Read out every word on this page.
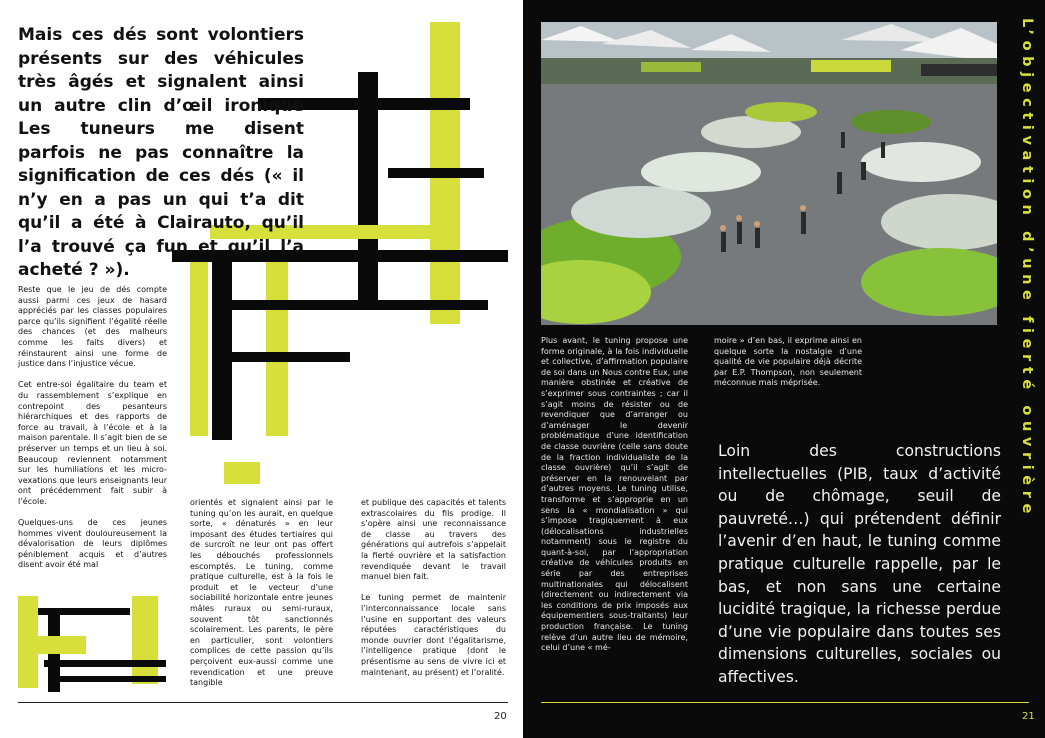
Mais ces dés sont volontiers présents sur des véhicules très âgés et signalent ainsi un autre clin d’œil ironique Les tuneurs me disent parfois ne pas connaître la signification de ces dés (« il n’y en a pas un qui t’a dit qu’il a été à Clairauto, qu’il l’a trouvé ça fun et qu’il l’a acheté ? »).

Reste que le jeu de dés compte aussi parmi ces jeux de hasard appréciés par les classes populaires parce qu’ils signifient l’égalité réelle des chances (et des malheurs comme les faits divers) et réinstaurent ainsi une forme de justice dans l’injustice vécue.

Cet entre-soi égalitaire du team et du rassemblement s’explique en contrepoint des pesanteurs hiérarchiques et des rapports de force au travail, à l’école et à la maison parentale. Il s’agit bien de se préserver un temps et un lieu à soi. Beaucoup reviennent notamment sur les humiliations et les micro-vexations que leurs enseignants leur ont précédemment fait subir à l’école.

Quelques-uns de ces jeunes hommes vivent douloureusement la dévalorisation de leurs diplômes péniblement acquis et d’autres disent avoir été mal

orientés et signalent ainsi par le tuning qu’on les aurait, en quelque sorte, « dénaturés » en leur imposant des études tertiaires qui de surcroît ne leur ont pas offert les débouchés professionnels escomptés. Le tuning, comme pratique culturelle, est à la fois le produit et le vecteur d’une sociabilité horizontale entre jeunes mâles ruraux ou semi-ruraux, souvent tôt sanctionnés scolairement. Les parents, le père en particulier, sont volontiers complices de cette passion qu’ils perçoivent eux-aussi comme une revendication et une preuve tangible

et publique des capacités et talents extrascolaires du fils prodige. Il s’opère ainsi une reconnaissance de classe au travers des générations qui autrefois s’appelait la fierté ouvrière et la satisfaction revendiquée devant le travail manuel bien fait.

Le tuning permet de maintenir l’interconnaissance locale sans l’usine en supportant des valeurs réputées caractéristiques du monde ouvrier dont l’égalitarisme, l’intelligence pratique (dont le présentisme au sens de vivre ici et maintenant, au présent) et l’oralité.

20
L’objectivation d’une fierté ouvrière
Plus avant, le tuning propose une forme originale, à la fois individuelle et collective, d’affirmation populaire de soi dans un Nous contre Eux, une manière obstinée et créative de s’exprimer sous contraintes ; car il s’agit moins de résister ou de revendiquer que d’arranger ou d’aménager le devenir problématique d’une identification de classe ouvrière (celle sans doute de la fraction individualiste de la classe ouvrière) qu’il s’agit de préserver en la renouvelant par d’autres moyens. Le tuning utilise, transforme et s’approprie en un sens la « mondialisation » qui s’impose tragiquement à eux (délocalisations industrielles notamment) sous le registre du quant-à-soi, par l’appropriation créative de véhicules produits en série par des entreprises multinationales qui délocalisent (directement ou indirectement via les conditions de prix imposés aux équipementiers sous-traitants) leur production française. Le tuning relève d’un autre lieu de mémoire, celui d’une « mé-
moire » d’en bas, il exprime ainsi en quelque sorte la nostalgie d’une qualité de vie populaire déjà décrite par E.P. Thompson, non seulement méconnue mais méprisée.
Loin des constructions intellectuelles (PIB, taux d’activité ou de chômage, seuil de pauvreté…) qui prétendent définir l’avenir d’en haut, le tuning comme pratique culturelle rappelle, par le bas, et non sans une certaine lucidité tragique, la richesse perdue d’une vie populaire dans toutes ses dimensions culturelles, sociales ou affectives.
21
